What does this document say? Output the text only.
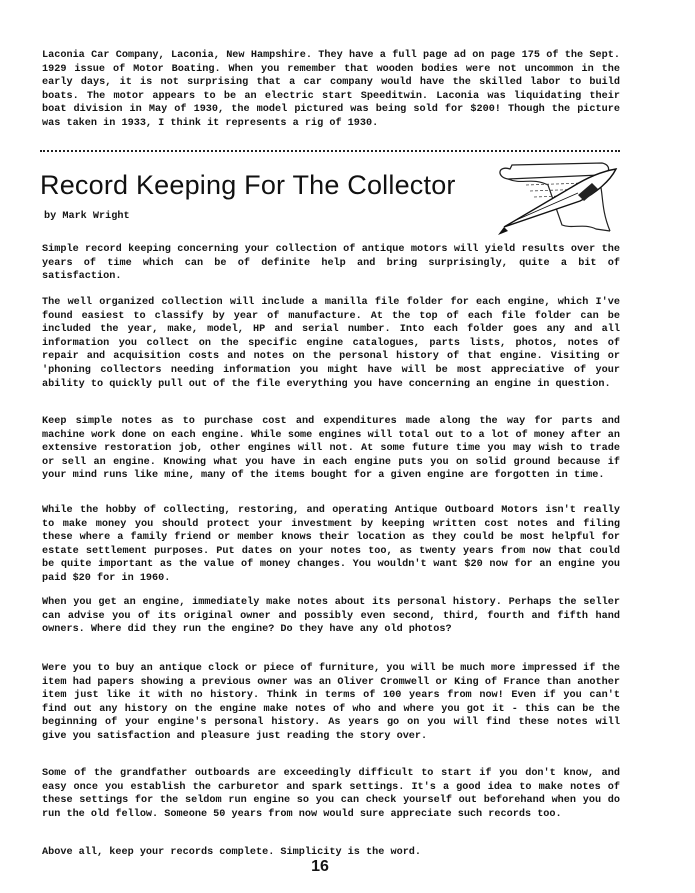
Laconia Car Company, Laconia, New Hampshire. They have a full page ad on page 175 of the Sept. 1929 issue of Motor Boating. When you remember that wooden bodies were not uncommon in the early days, it is not surprising that a car company would have the skilled labor to build boats. The motor appears to be an electric start Speeditwin. Laconia was liquidating their boat division in May of 1930, the model pictured was being sold for $200! Though the picture was taken in 1933, I think it represents a rig of 1930.

Record Keeping For The Collector
by Mark Wright

Simple record keeping concerning your collection of antique motors will yield results over the years of time which can be of definite help and bring surprisingly, quite a bit of satisfaction.

The well organized collection will include a manilla file folder for each engine, which I've found easiest to classify by year of manufacture. At the top of each file folder can be included the year, make, model, HP and serial number. Into each folder goes any and all information you collect on the specific engine catalogues, parts lists, photos, notes of repair and acquisition costs and notes on the personal history of that engine. Visiting or 'phoning collectors needing information you might have will be most appreciative of your ability to quickly pull out of the file everything you have concerning an engine in question.

Keep simple notes as to purchase cost and expenditures made along the way for parts and machine work done on each engine. While some engines will total out to a lot of money after an extensive restoration job, other engines will not. At some future time you may wish to trade or sell an engine. Knowing what you have in each engine puts you on solid ground because if your mind runs like mine, many of the items bought for a given engine are forgotten in time.

While the hobby of collecting, restoring, and operating Antique Outboard Motors isn't really to make money you should protect your investment by keeping written cost notes and filing these where a family friend or member knows their location as they could be most helpful for estate settlement purposes. Put dates on your notes too, as twenty years from now that could be quite important as the value of money changes. You wouldn't want $20 now for an engine you paid $20 for in 1960.

When you get an engine, immediately make notes about its personal history. Perhaps the seller can advise you of its original owner and possibly even second, third, fourth and fifth hand owners. Where did they run the engine? Do they have any old photos?

Were you to buy an antique clock or piece of furniture, you will be much more impressed if the item had papers showing a previous owner was an Oliver Cromwell or King of France than another item just like it with no history. Think in terms of 100 years from now! Even if you can't find out any history on the engine make notes of who and where you got it - this can be the beginning of your engine's personal history. As years go on you will find these notes will give you satisfaction and pleasure just reading the story over.

Some of the grandfather outboards are exceedingly difficult to start if you don't know, and easy once you establish the carburetor and spark settings. It's a good idea to make notes of these settings for the seldom run engine so you can check yourself out beforehand when you do run the old fellow. Someone 50 years from now would sure appreciate such records too.

Above all, keep your records complete. Simplicity is the word.

16
